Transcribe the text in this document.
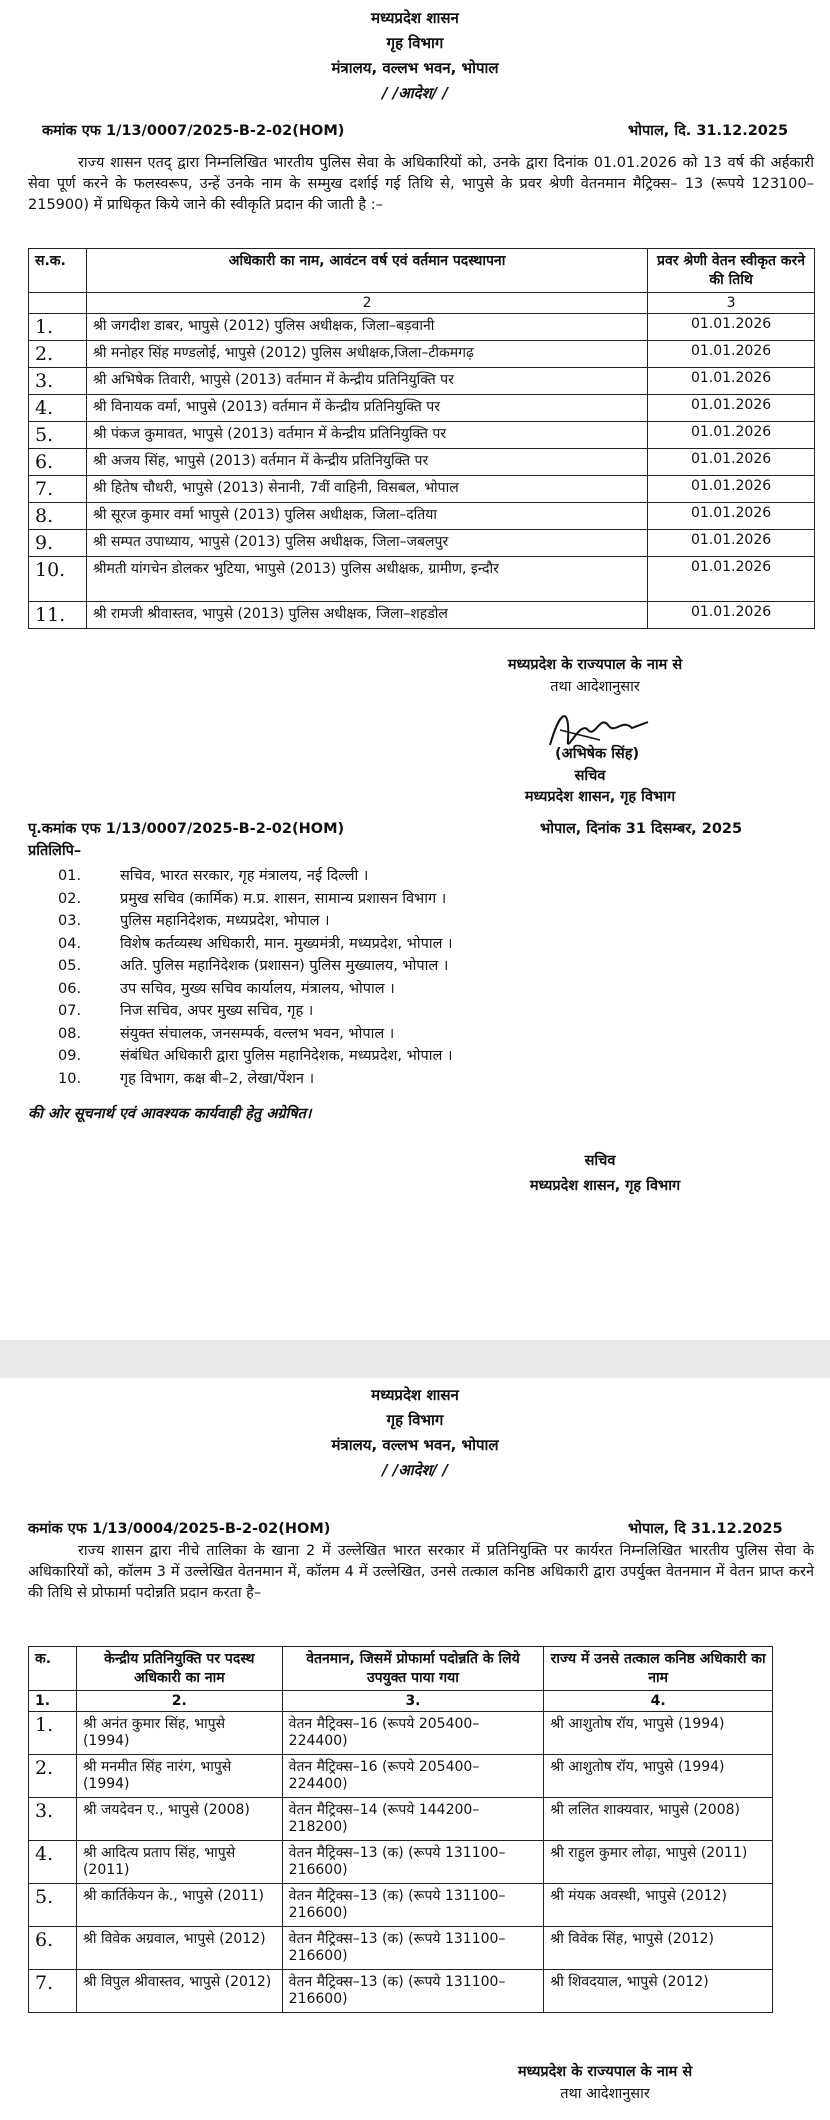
मध्यप्रदेश शासन
गृह विभाग
मंत्रालय, वल्लभ भवन, भोपाल
/ /आदेश/ /
कमांक एफ 1/13/0007/2025-B-2-02(HOM)	भोपाल, दि. 31.12.2025
राज्य शासन एतद् द्वारा निम्नलिखित भारतीय पुलिस सेवा के अधिकारियों को, उनके द्वारा दिनांक 01.01.2026 को 13 वर्ष की अर्हकारी सेवा पूर्ण करने के फलस्वरूप, उन्हें उनके नाम के सम्मुख दर्शाई गई तिथि से, भापुसे के प्रवर श्रेणी वेतनमान मैट्रिक्स– 13 (रूपये 123100–215900) में प्राधिकृत किये जाने की स्वीकृति प्रदान की जाती है :–
स.क.	अधिकारी का नाम, आवंटन वर्ष एवं वर्तमान पदस्थापना	प्रवर श्रेणी वेतन स्वीकृत करने की तिथि
	2	3
1.	श्री जगदीश डाबर, भापुसे (2012) पुलिस अधीक्षक, जिला–बड़वानी	01.01.2026
2.	श्री मनोहर सिंह मण्डलोई, भापुसे (2012) पुलिस अधीक्षक,जिला–टीकमगढ़	01.01.2026
3.	श्री अभिषेक तिवारी, भापुसे (2013) वर्तमान में केन्द्रीय प्रतिनियुक्ति पर	01.01.2026
4.	श्री विनायक वर्मा, भापुसे (2013) वर्तमान में केन्द्रीय प्रतिनियुक्ति पर	01.01.2026
5.	श्री पंकज कुमावत, भापुसे (2013) वर्तमान में केन्द्रीय प्रतिनियुक्ति पर	01.01.2026
6.	श्री अजय सिंह, भापुसे (2013) वर्तमान में केन्द्रीय प्रतिनियुक्ति पर	01.01.2026
7.	श्री हितेष चौधरी, भापुसे (2013) सेनानी, 7वीं वाहिनी, विसबल, भोपाल	01.01.2026
8.	श्री सूरज कुमार वर्मा भापुसे (2013) पुलिस अधीक्षक, जिला–दतिया	01.01.2026
9.	श्री सम्पत उपाध्याय, भापुसे (2013) पुलिस अधीक्षक, जिला–जबलपुर	01.01.2026
10.	श्रीमती यांगचेन डोलकर भुटिया, भापुसे (2013) पुलिस अधीक्षक, ग्रामीण, इन्दौर	01.01.2026
11.	श्री रामजी श्रीवास्तव, भापुसे (2013) पुलिस अधीक्षक, जिला–शहडोल	01.01.2026
मध्यप्रदेश के राज्यपाल के नाम से
तथा आदेशानुसार
(अभिषेक सिंह)
सचिव
मध्यप्रदेश शासन, गृह विभाग
पृ.कमांक एफ 1/13/0007/2025-B-2-02(HOM)	भोपाल, दिनांक 31 दिसम्बर, 2025
प्रतिलिपि–
01.	सचिव, भारत सरकार, गृह मंत्रालय, नई दिल्ली ।
02.	प्रमुख सचिव (कार्मिक) म.प्र. शासन, सामान्य प्रशासन विभाग ।
03.	पुलिस महानिदेशक, मध्यप्रदेश, भोपाल ।
04.	विशेष कर्तव्यस्थ अधिकारी, मान. मुख्यमंत्री, मध्यप्रदेश, भोपाल ।
05.	अति. पुलिस महानिदेशक (प्रशासन) पुलिस मुख्यालय, भोपाल ।
06.	उप सचिव, मुख्य सचिव कार्यालय, मंत्रालय, भोपाल ।
07.	निज सचिव, अपर मुख्य सचिव, गृह ।
08.	संयुक्त संचालक, जनसम्पर्क, वल्लभ भवन, भोपाल ।
09.	संबंधित अधिकारी द्वारा पुलिस महानिदेशक, मध्यप्रदेश, भोपाल ।
10.	गृह विभाग, कक्ष बी–2, लेखा/पेंशन ।
की ओर सूचनार्थ एवं आवश्यक कार्यवाही हेतु अग्रेषित।
सचिव
मध्यप्रदेश शासन, गृह विभाग
मध्यप्रदेश शासन
गृह विभाग
मंत्रालय, वल्लभ भवन, भोपाल
/ /आदेश/ /
कमांक एफ 1/13/0004/2025-B-2-02(HOM)	भोपाल, दि 31.12.2025
राज्य शासन द्वारा नीचे तालिका के खाना 2 में उल्लेखित भारत सरकार में प्रतिनियुक्ति पर कार्यरत निम्नलिखित भारतीय पुलिस सेवा के अधिकारियों को, कॉलम 3 में उल्लेखित वेतनमान में, कॉलम 4 में उल्लेखित, उनसे तत्काल कनिष्ठ अधिकारी द्वारा उपर्युक्त वेतनमान में वेतन प्राप्त करने की तिथि से प्रोफार्मा पदोन्नति प्रदान करता है–
क.	केन्द्रीय प्रतिनियुक्ति पर पदस्थ अधिकारी का नाम	वेतनमान, जिसमें प्रोफार्मा पदोन्नति के लिये उपयुक्त पाया गया	राज्य में उनसे तत्काल कनिष्ठ अधिकारी का नाम
1.	2.	3.	4.
1.	श्री अनंत कुमार सिंह, भापुसे (1994)	वेतन मैट्रिक्स–16 (रूपये 205400–224400)	श्री आशुतोष रॉय, भापुसे (1994)
2.	श्री मनमीत सिंह नारंग, भापुसे (1994)	वेतन मैट्रिक्स–16 (रूपये 205400–224400)	श्री आशुतोष रॉय, भापुसे (1994)
3.	श्री जयदेवन ए., भापुसे (2008)	वेतन मैट्रिक्स–14 (रूपये 144200–218200)	श्री ललित शाक्यवार, भापुसे (2008)
4.	श्री आदित्य प्रताप सिंह, भापुसे (2011)	वेतन मैट्रिक्स–13 (क) (रूपये 131100–216600)	श्री राहुल कुमार लोढ़ा, भापुसे (2011)
5.	श्री कार्तिकेयन के., भापुसे (2011)	वेतन मैट्रिक्स–13 (क) (रूपये 131100–216600)	श्री मंयक अवस्थी, भापुसे (2012)
6.	श्री विवेक अग्रवाल, भापुसे (2012)	वेतन मैट्रिक्स–13 (क) (रूपये 131100–216600)	श्री विवेक सिंह, भापुसे (2012)
7.	श्री विपुल श्रीवास्तव, भापुसे (2012)	वेतन मैट्रिक्स–13 (क) (रूपये 131100–216600)	श्री शिवदयाल, भापुसे (2012)
मध्यप्रदेश के राज्यपाल के नाम से
तथा आदेशानुसार
